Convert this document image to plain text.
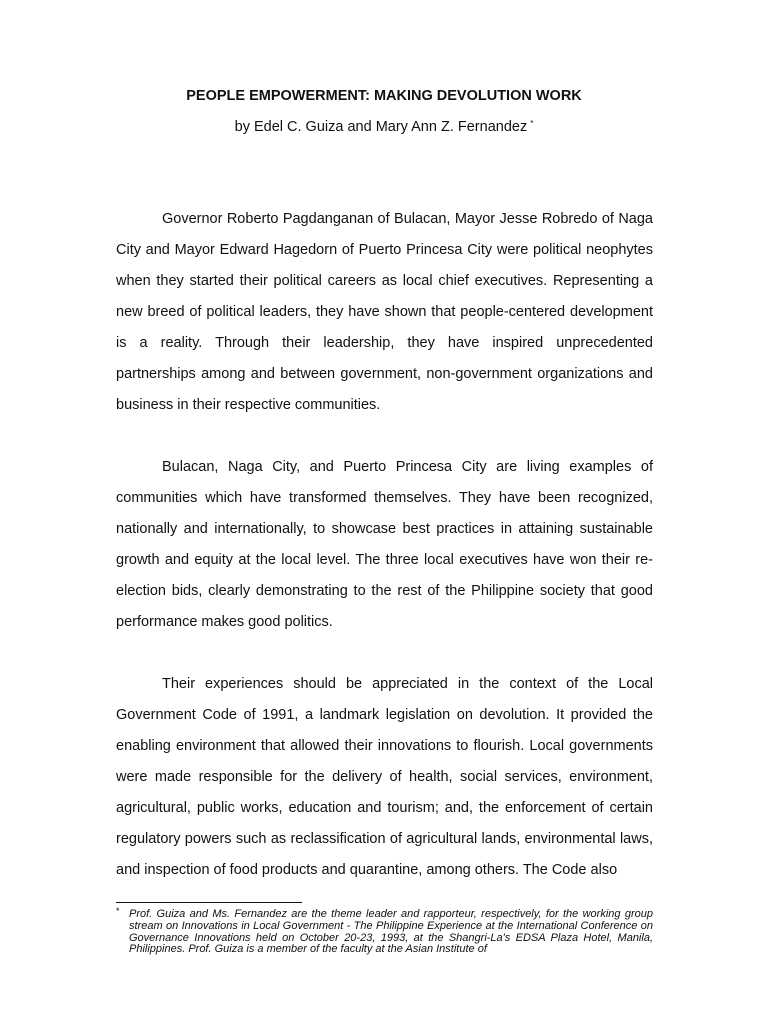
PEOPLE EMPOWERMENT: MAKING DEVOLUTION WORK
by Edel C. Guiza and Mary Ann Z. Fernandez *

Governor Roberto Pagdanganan of Bulacan, Mayor Jesse Robredo of Naga City and Mayor Edward Hagedorn of Puerto Princesa City were political neophytes when they started their political careers as local chief executives. Representing a new breed of political leaders, they have shown that people-centered development is a reality. Through their leadership, they have inspired unprecedented partnerships among and between government, non-government organizations and business in their respective communities.

Bulacan, Naga City, and Puerto Princesa City are living examples of communities which have transformed themselves. They have been recognized, nationally and internationally, to showcase best practices in attaining sustainable growth and equity at the local level. The three local executives have won their re-election bids, clearly demonstrating to the rest of the Philippine society that good performance makes good politics.

Their experiences should be appreciated in the context of the Local Government Code of 1991, a landmark legislation on devolution. It provided the enabling environment that allowed their innovations to flourish. Local governments were made responsible for the delivery of health, social services, environment, agricultural, public works, education and tourism; and, the enforcement of certain regulatory powers such as reclassification of agricultural lands, environmental laws, and inspection of food products and quarantine, among others. The Code also

* Prof. Guiza and Ms. Fernandez are the theme leader and rapporteur, respectively, for the working group stream on Innovations in Local Government - The Philippine Experience at the International Conference on Governance Innovations held on October 20-23, 1993, at the Shangri-La's EDSA Plaza Hotel, Manila, Philippines. Prof. Guiza is a member of the faculty at the Asian Institute of
